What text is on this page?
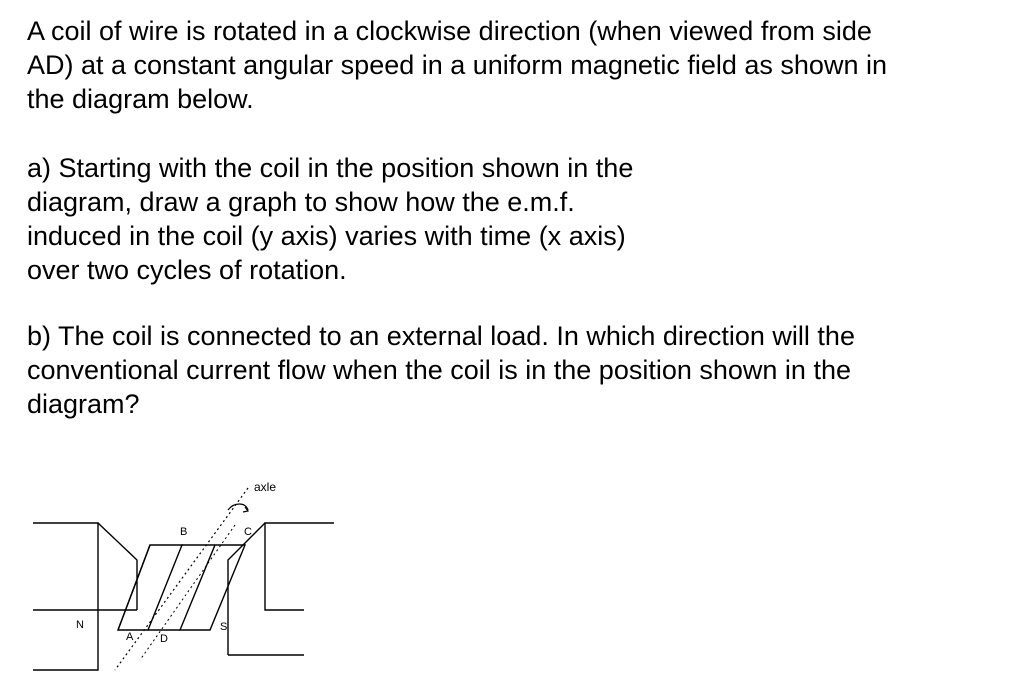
A coil of wire is rotated in a clockwise direction (when viewed from side
AD) at a constant angular speed in a uniform magnetic field as shown in
the diagram below.
a) Starting with the coil in the position shown in the
diagram, draw a graph to show how the e.m.f.
induced in the coil (y axis) varies with time (x axis)
over two cycles of rotation.
b) The coil is connected to an external load. In which direction will the
conventional current flow when the coil is in the position shown in the
diagram?
axle
B	C
N	S
A D
